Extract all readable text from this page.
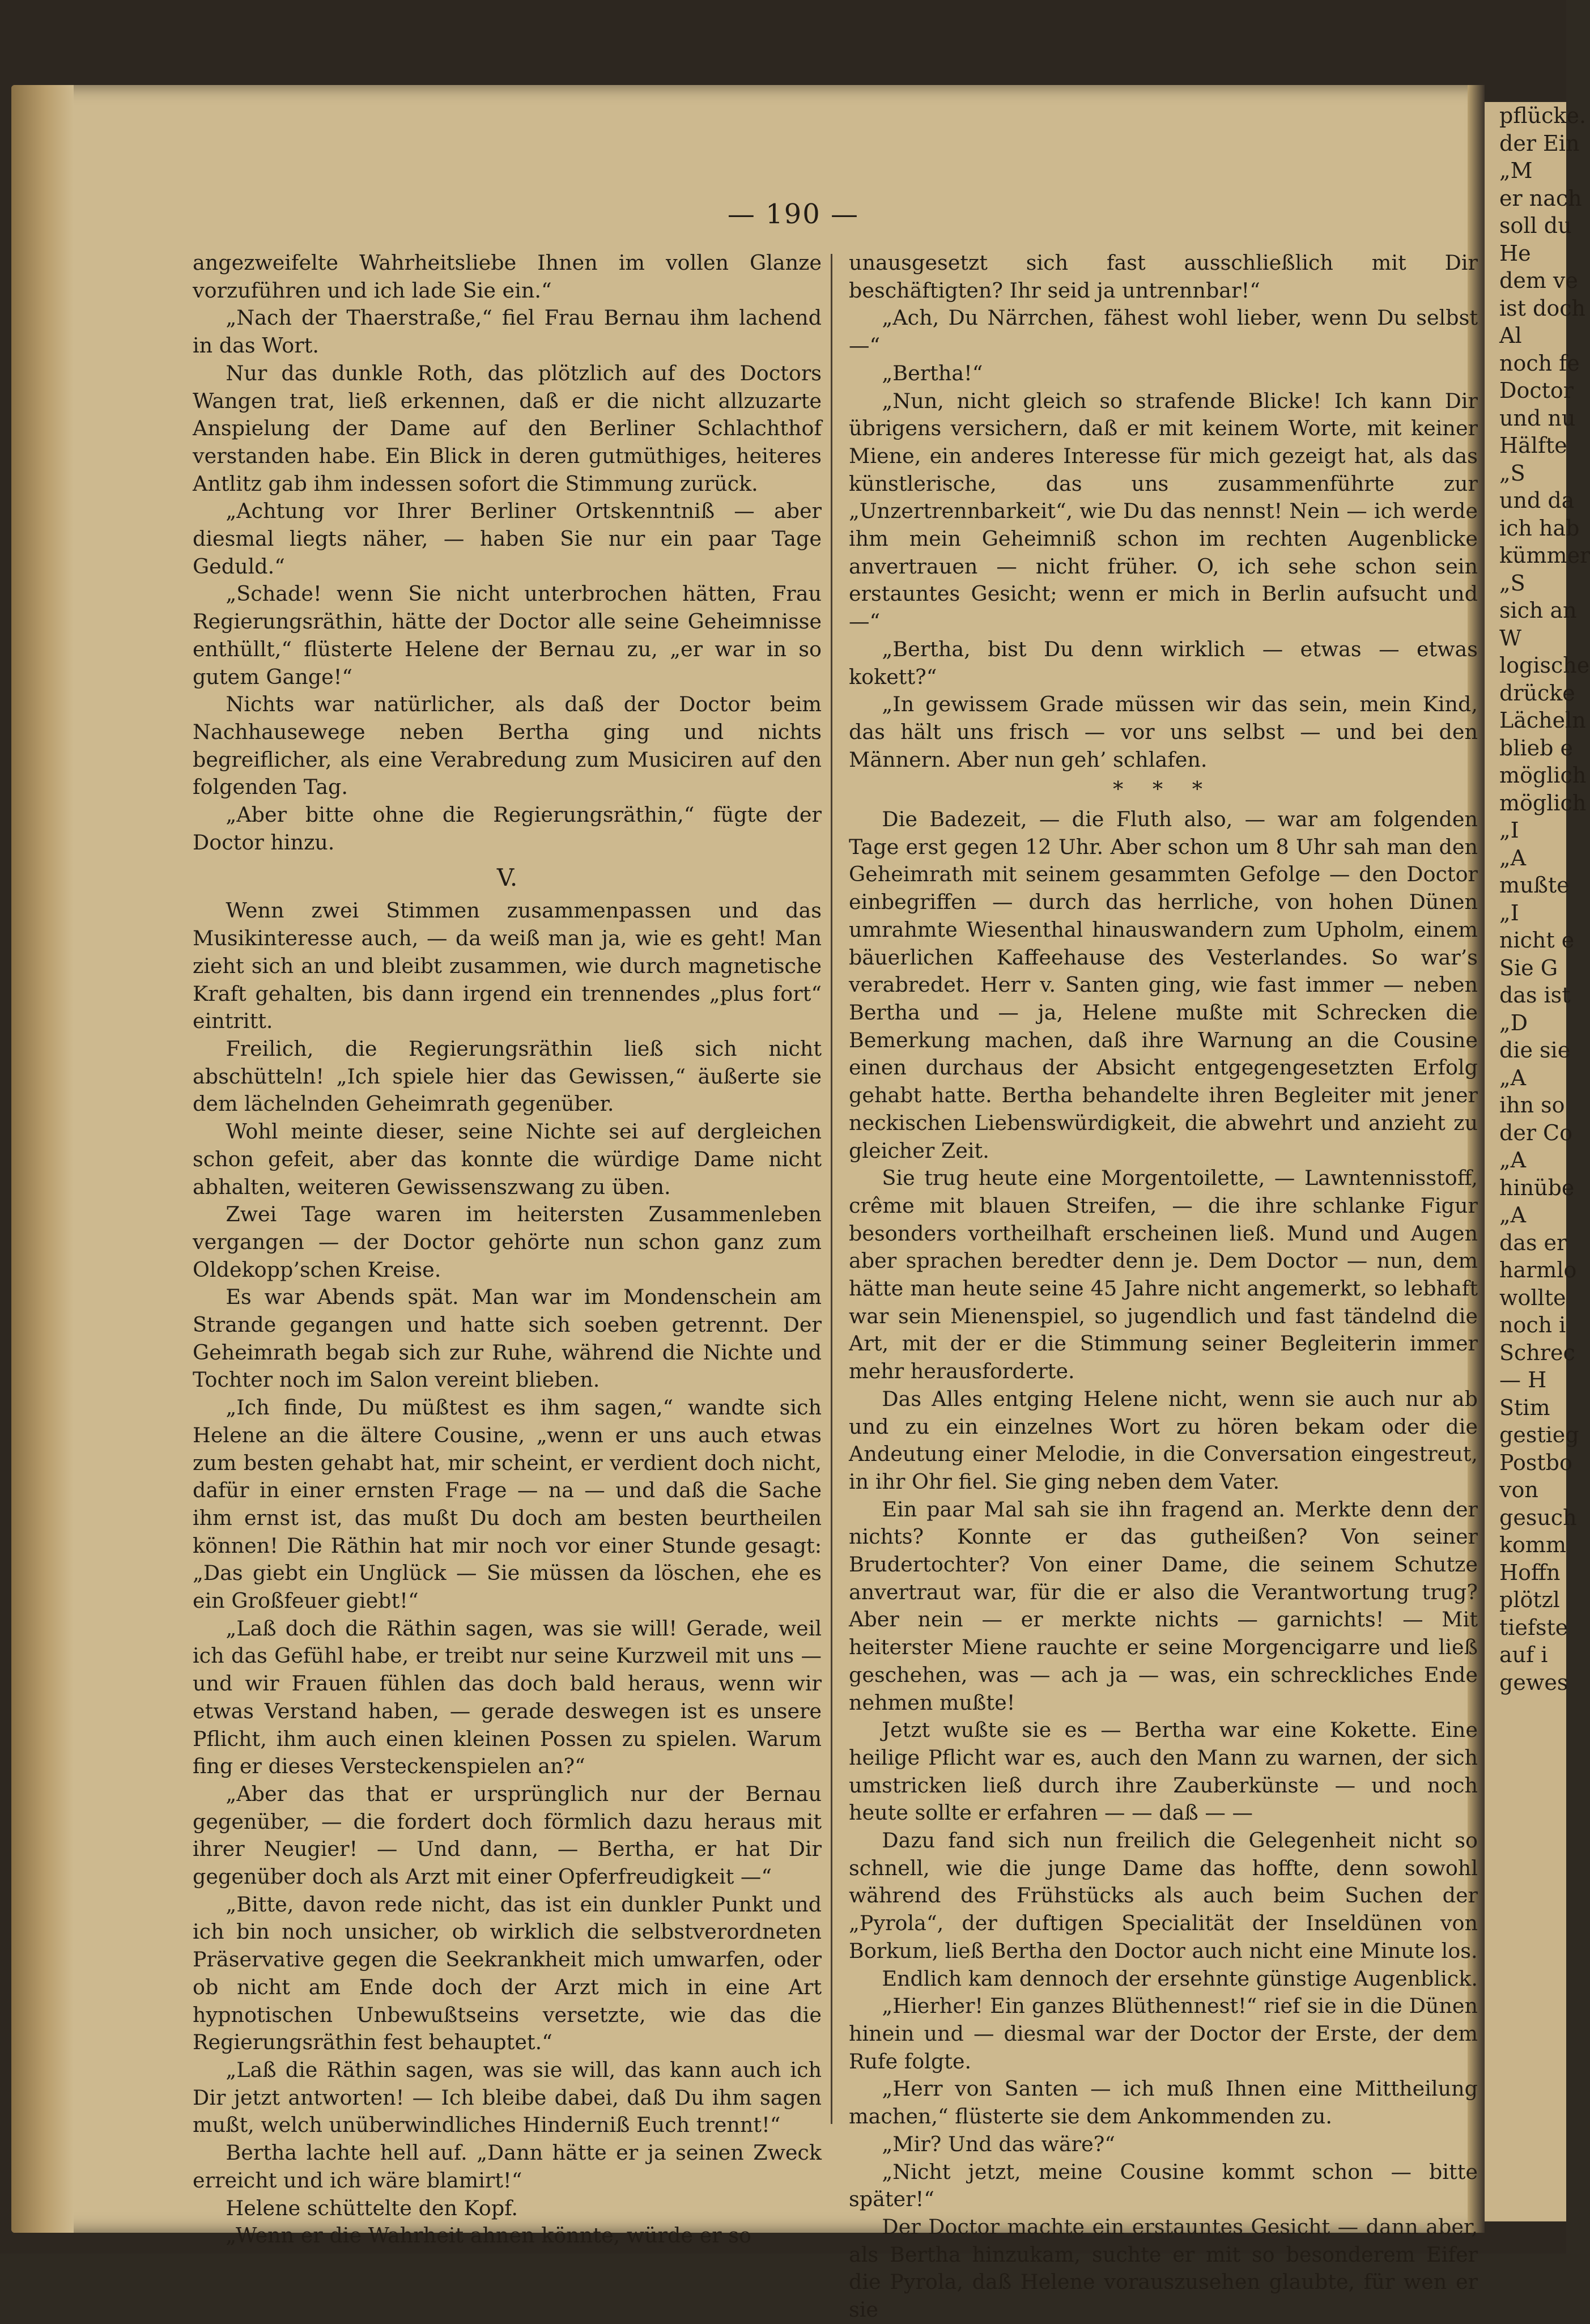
pflücke.
der Ein
„M
er nach
soll du
He
dem ve
ist doch
Al
noch fe
Doctor
und nu
Hälfte
„S
und da
ich hab
kümmer
„S
sich an
W
logische
drücke
Lächeln
blieb e
möglich
möglich
„I
„A
mußte
„I
nicht e
Sie G
das ist
„D
die sie
„A
ihn so
der Co
„A
hinübe
„A
das er
harmlo
wollte
noch i
Schrec
— H
Stim
gestieg
Postbo
von
gesuch
komm
Hoffn
plötzl
tiefste
auf i
gewes
— 190 —

angezweifelte Wahrheitsliebe Ihnen im vollen Glanze vorzuführen und ich lade Sie ein.“

„Nach der Thaerstraße,“ fiel Frau Bernau ihm lachend in das Wort.

Nur das dunkle Roth, das plötzlich auf des Doctors Wangen trat, ließ erkennen, daß er die nicht allzuzarte Anspielung der Dame auf den Berliner Schlachthof verstanden habe. Ein Blick in deren gutmüthiges, heiteres Antlitz gab ihm indessen sofort die Stimmung zurück.

„Achtung vor Ihrer Berliner Ortskenntniß — aber diesmal liegts näher, — haben Sie nur ein paar Tage Geduld.“

„Schade! wenn Sie nicht unterbrochen hätten, Frau Regierungsräthin, hätte der Doctor alle seine Geheimnisse enthüllt,“ flüsterte Helene der Bernau zu, „er war in so gutem Gange!“

Nichts war natürlicher, als daß der Doctor beim Nachhausewege neben Bertha ging und nichts begreiflicher, als eine Verabredung zum Musiciren auf den folgenden Tag.

„Aber bitte ohne die Regierungsräthin,“ fügte der Doctor hinzu.

V.

Wenn zwei Stimmen zusammenpassen und das Musikinteresse auch, — da weiß man ja, wie es geht! Man zieht sich an und bleibt zusammen, wie durch magnetische Kraft gehalten, bis dann irgend ein trennendes „plus fort“ eintritt.

Freilich, die Regierungsräthin ließ sich nicht abschütteln! „Ich spiele hier das Gewissen,“ äußerte sie dem lächelnden Geheimrath gegenüber.

Wohl meinte dieser, seine Nichte sei auf dergleichen schon gefeit, aber das konnte die würdige Dame nicht abhalten, weiteren Gewissenszwang zu üben.

Zwei Tage waren im heitersten Zusammenleben vergangen — der Doctor gehörte nun schon ganz zum Oldekopp’schen Kreise.

Es war Abends spät. Man war im Mondenschein am Strande gegangen und hatte sich soeben getrennt. Der Geheimrath begab sich zur Ruhe, während die Nichte und Tochter noch im Salon vereint blieben.

„Ich finde, Du müßtest es ihm sagen,“ wandte sich Helene an die ältere Cousine, „wenn er uns auch etwas zum besten gehabt hat, mir scheint, er verdient doch nicht, dafür in einer ernsten Frage — na — und daß die Sache ihm ernst ist, das mußt Du doch am besten beurtheilen können! Die Räthin hat mir noch vor einer Stunde gesagt: „Das giebt ein Unglück — Sie müssen da löschen, ehe es ein Großfeuer giebt!“

„Laß doch die Räthin sagen, was sie will! Gerade, weil ich das Gefühl habe, er treibt nur seine Kurzweil mit uns — und wir Frauen fühlen das doch bald heraus, wenn wir etwas Verstand haben, — gerade deswegen ist es unsere Pflicht, ihm auch einen kleinen Possen zu spielen. Warum fing er dieses Versteckenspielen an?“

„Aber das that er ursprünglich nur der Bernau gegenüber, — die fordert doch förmlich dazu heraus mit ihrer Neugier! — Und dann, — Bertha, er hat Dir gegenüber doch als Arzt mit einer Opferfreudigkeit —“

„Bitte, davon rede nicht, das ist ein dunkler Punkt und ich bin noch unsicher, ob wirklich die selbstverordneten Präservative gegen die Seekrankheit mich umwarfen, oder ob nicht am Ende doch der Arzt mich in eine Art hypnotischen Unbewußtseins versetzte, wie das die Regierungsräthin fest behauptet.“

„Laß die Räthin sagen, was sie will, das kann auch ich Dir jetzt antworten! — Ich bleibe dabei, daß Du ihm sagen mußt, welch unüberwindliches Hinderniß Euch trennt!“

Bertha lachte hell auf. „Dann hätte er ja seinen Zweck erreicht und ich wäre blamirt!“

Helene schüttelte den Kopf.

„Wenn er die Wahrheit ahnen könnte, würde er so

unausgesetzt sich fast ausschließlich mit Dir beschäftigten? Ihr seid ja untrennbar!“

„Ach, Du Närrchen, fähest wohl lieber, wenn Du selbst —“

„Bertha!“

„Nun, nicht gleich so strafende Blicke! Ich kann Dir übrigens versichern, daß er mit keinem Worte, mit keiner Miene, ein anderes Interesse für mich gezeigt hat, als das künstlerische, das uns zusammenführte zur „Unzertrennbarkeit“, wie Du das nennst! Nein — ich werde ihm mein Geheimniß schon im rechten Augenblicke anvertrauen — nicht früher. O, ich sehe schon sein erstauntes Gesicht; wenn er mich in Berlin aufsucht und —“

„Bertha, bist Du denn wirklich — etwas — etwas kokett?“

„In gewissem Grade müssen wir das sein, mein Kind, das hält uns frisch — vor uns selbst — und bei den Männern. Aber nun geh’ schlafen.

* * *

Die Badezeit, — die Fluth also, — war am folgenden Tage erst gegen 12 Uhr. Aber schon um 8 Uhr sah man den Geheimrath mit seinem gesammten Gefolge — den Doctor einbegriffen — durch das herrliche, von hohen Dünen umrahmte Wiesenthal hinauswandern zum Upholm, einem bäuerlichen Kaffeehause des Vesterlandes. So war’s verabredet. Herr v. Santen ging, wie fast immer — neben Bertha und — ja, Helene mußte mit Schrecken die Bemerkung machen, daß ihre Warnung an die Cousine einen durchaus der Absicht entgegengesetzten Erfolg gehabt hatte. Bertha behandelte ihren Begleiter mit jener neckischen Liebenswürdigkeit, die abwehrt und anzieht zu gleicher Zeit.

Sie trug heute eine Morgentoilette, — Lawntennisstoff, crême mit blauen Streifen, — die ihre schlanke Figur besonders vortheilhaft erscheinen ließ. Mund und Augen aber sprachen beredter denn je. Dem Doctor — nun, dem hätte man heute seine 45 Jahre nicht angemerkt, so lebhaft war sein Mienenspiel, so jugendlich und fast tändelnd die Art, mit der er die Stimmung seiner Begleiterin immer mehr herausforderte.

Das Alles entging Helene nicht, wenn sie auch nur ab und zu ein einzelnes Wort zu hören bekam oder die Andeutung einer Melodie, in die Conversation eingestreut, in ihr Ohr fiel. Sie ging neben dem Vater.

Ein paar Mal sah sie ihn fragend an. Merkte denn der nichts? Konnte er das gutheißen? Von seiner Brudertochter? Von einer Dame, die seinem Schutze anvertraut war, für die er also die Verantwortung trug? Aber nein — er merkte nichts — garnichts! — Mit heiterster Miene rauchte er seine Morgencigarre und ließ geschehen, was — ach ja — was, ein schreckliches Ende nehmen mußte!

Jetzt wußte sie es — Bertha war eine Kokette. Eine heilige Pflicht war es, auch den Mann zu warnen, der sich umstricken ließ durch ihre Zauberkünste — und noch heute sollte er erfahren — — daß — —

Dazu fand sich nun freilich die Gelegenheit nicht so schnell, wie die junge Dame das hoffte, denn sowohl während des Frühstücks als auch beim Suchen der „Pyrola“, der duftigen Specialität der Inseldünen von Borkum, ließ Bertha den Doctor auch nicht eine Minute los.

Endlich kam dennoch der ersehnte günstige Augenblick.

„Hierher! Ein ganzes Blüthennest!“ rief sie in die Dünen hinein und — diesmal war der Doctor der Erste, der dem Rufe folgte.

„Herr von Santen — ich muß Ihnen eine Mittheilung machen,“ flüsterte sie dem Ankommenden zu.

„Mir? Und das wäre?“

„Nicht jetzt, meine Cousine kommt schon — bitte später!“

Der Doctor machte ein erstauntes Gesicht — dann aber, als Bertha hinzukam, suchte er mit so besonderem Eifer die Pyrola, daß Helene vorauszusehen glaubte, für wen er sie
